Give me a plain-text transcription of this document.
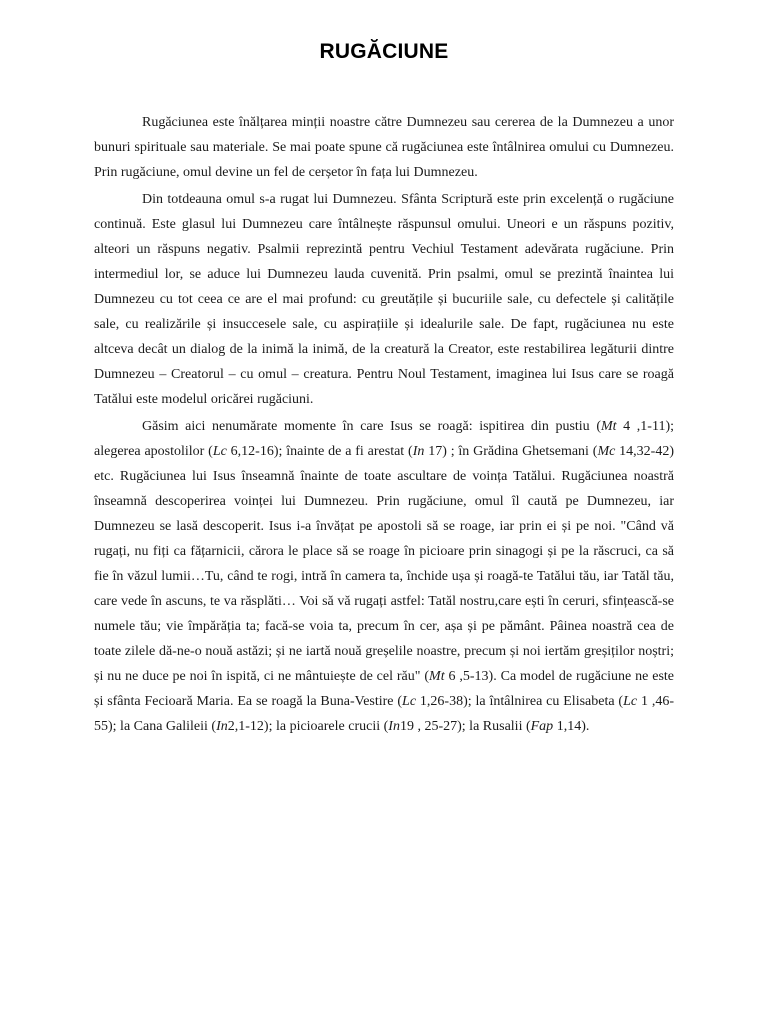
RUGĂCIUNE

Rugăciunea este înălțarea minții noastre către Dumnezeu sau cererea de la Dumnezeu a unor bunuri spirituale sau materiale. Se mai poate spune că rugăciunea este întâlnirea omului cu Dumnezeu. Prin rugăciune, omul devine un fel de cerșetor în fața lui Dumnezeu.

Din totdeauna omul s-a rugat lui Dumnezeu. Sfânta Scriptură este prin excelență o rugăciune continuă. Este glasul lui Dumnezeu care întâlnește răspunsul omului. Uneori e un răspuns pozitiv, alteori un răspuns negativ. Psalmii reprezintă pentru Vechiul Testament adevărata rugăciune. Prin intermediul lor, se aduce lui Dumnezeu lauda cuvenită. Prin psalmi, omul se prezintă înaintea lui Dumnezeu cu tot ceea ce are el mai profund: cu greutățile și bucuriile sale, cu defectele și calitățile sale, cu realizările și insuccesele sale, cu aspirațiile și idealurile sale. De fapt, rugăciunea nu este altceva decât un dialog de la inimă la inimă, de la creatură la Creator, este restabilirea legăturii dintre Dumnezeu – Creatorul – cu omul – creatura. Pentru Noul Testament, imaginea lui Isus care se roagă Tatălui este modelul oricărei rugăciuni.

Găsim aici nenumărate momente în care Isus se roagă: ispitirea din pustiu (Mt 4 ,1-11); alegerea apostolilor (Lc 6,12-16); înainte de a fi arestat (In 17) ; în Grădina Ghetsemani (Mc 14,32-42) etc. Rugăciunea lui Isus înseamnă înainte de toate ascultare de voința Tatălui. Rugăciunea noastră înseamnă descoperirea voinței lui Dumnezeu. Prin rugăciune, omul îl caută pe Dumnezeu, iar Dumnezeu se lasă descoperit. Isus i-a învățat pe apostoli să se roage, iar prin ei și pe noi. "Când vă rugați, nu fiți ca fățarnicii, cărora le place să se roage în picioare prin sinagogi și pe la răscruci, ca să fie în văzul lumii…Tu, când te rogi, intră în camera ta, închide ușa și roagă-te Tatălui tău, iar Tatăl tău, care vede în ascuns, te va răsplăti… Voi să vă rugați astfel: Tatăl nostru,care ești în ceruri, sfințească-se numele tău; vie împărăția ta; facă-se voia ta, precum în cer, așa și pe pământ. Pâinea noastră cea de toate zilele dă-ne-o nouă astăzi; și ne iartă nouă greșelile noastre, precum și noi iertăm greșiților noștri; și nu ne duce pe noi în ispită, ci ne mântuiește de cel rău" (Mt 6 ,5-13). Ca model de rugăciune ne este și sfânta Fecioară Maria. Ea se roagă la Buna-Vestire (Lc 1,26-38); la întâlnirea cu Elisabeta (Lc 1 ,46-55); la Cana Galileii (In2,1-12); la picioarele crucii (In19 , 25-27); la Rusalii (Fap 1,14).
